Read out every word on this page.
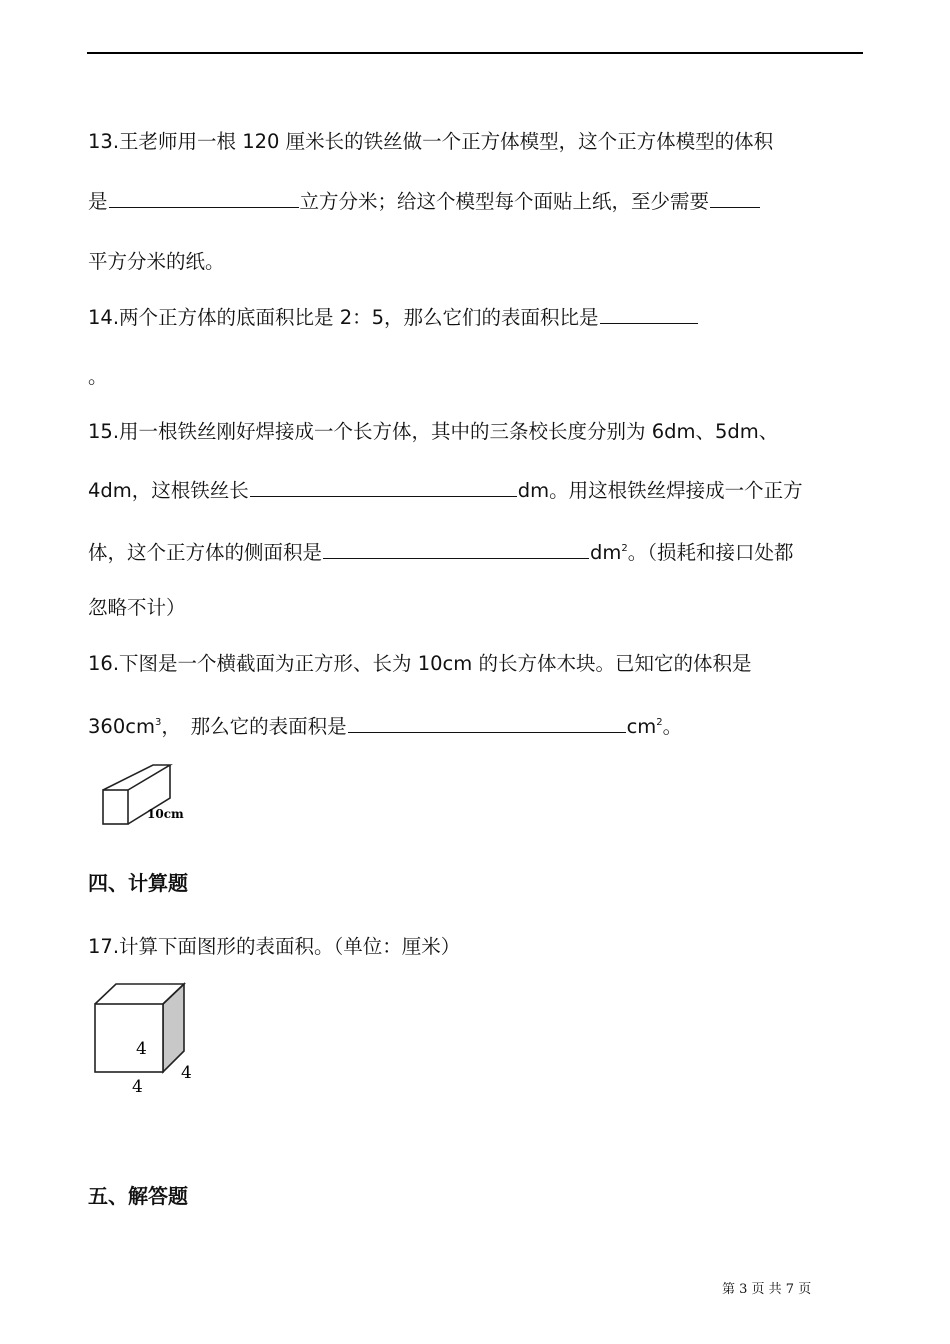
13.王老师用一根 120 厘米长的铁丝做一个正方体模型，这个正方体模型的体积
是	立方分米；给这个模型每个面贴上纸，至少需要
平方分米的纸。
14.两个正方体的底面积比是 2：5，那么它们的表面积比是
。
15.用一根铁丝刚好焊接成一个长方体，其中的三条校长度分别为 6dm、5dm、
4dm，这根铁丝长	dm。用这根铁丝焊接成一个正方
体，这个正方体的侧面积是	$dm^2$。（损耗和接口处都
忽略不计）
16.下图是一个横截面为正方形、长为 10cm 的长方体木块。已知它的体积是
$360cm^3$，　那么它的表面积是	$cm^2$。
10cm
四、计算题
17.计算下面图形的表面积。（单位：厘米）
4
4
4
五、解答题
第 3 页 共 7 页
